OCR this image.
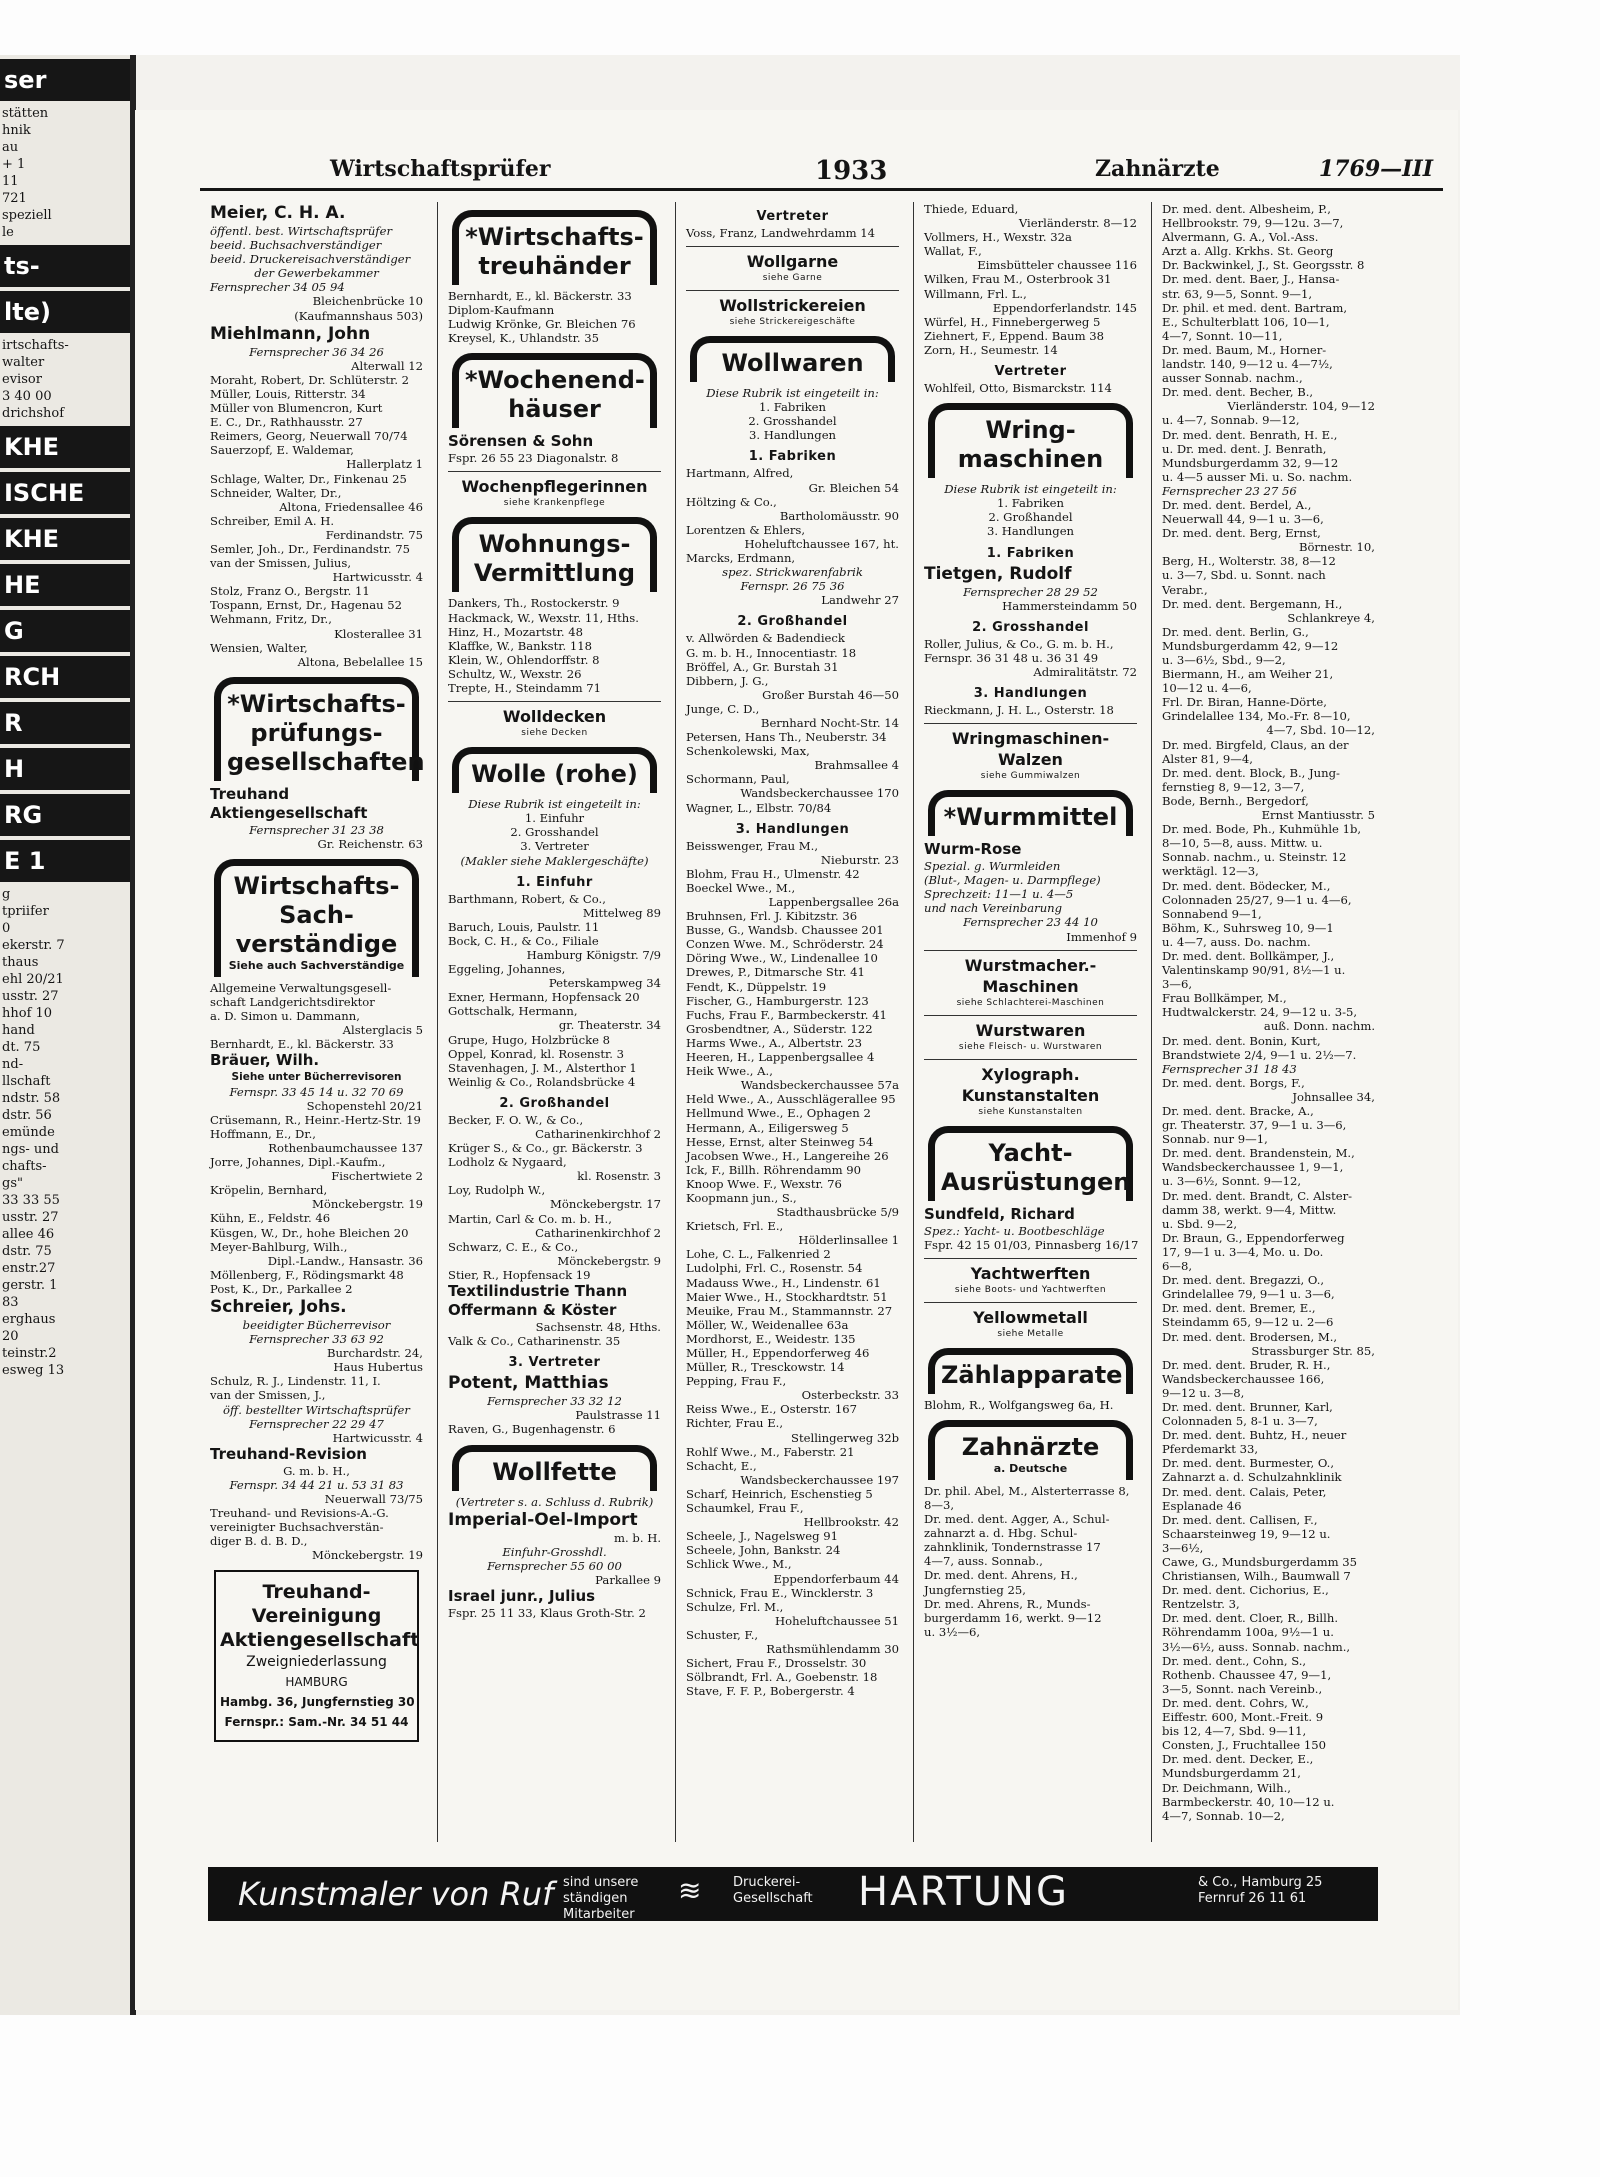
ser
stätten
hnik
au
+ 1
11
721
speziell
le
ts-
lte)
irtschafts-
walter
evisor
3 40 00
drichshof
KHE
ISCHE
KHE
HE
G
RCH
R
H
RG
E 1
g
tpriifer
0
ekerstr. 7
thaus
ehl 20/21
usstr. 27
hhof 10
hand
dt. 75
nd-
llschaft
ndstr. 58
dstr. 56
emünde
ngs- und
chafts-
gs"
33 33 55
usstr. 27
allee 46
dstr. 75
enstr.27
gerstr. 1
83
erghaus
20
teinstr.2
esweg 13
Wirtschaftsprüfer	1933	Zahnärzte	1769—III
Meier, C. H. A.
öffentl. best. Wirtschaftsprüfer
beeid. Buchsachverständiger
beeid. Druckereisachverständiger
der Gewerbekammer
Fernsprecher 34 05 94
Bleichenbrücke 10
(Kaufmannshaus 503)
Miehlmann, John
Fernsprecher 36 34 26
Alterwall 12
Moraht, Robert, Dr. Schlüterstr. 2
Müller, Louis, Ritterstr. 34
Müller von Blumencron, Kurt
E. C., Dr., Rathhausstr. 27
Reimers, Georg, Neuerwall 70/74
Sauerzopf, E. Waldemar,
Hallerplatz 1
Schlage, Walter, Dr., Finkenau 25
Schneider, Walter, Dr.,
Altona, Friedensallee 46
Schreiber, Emil A. H.
Ferdinandstr. 75
Semler, Joh., Dr., Ferdinandstr. 75
van der Smissen, Julius,
Hartwicusstr. 4
Stolz, Franz O., Bergstr. 11
Tospann, Ernst, Dr., Hagenau 52
Wehmann, Fritz, Dr.,
Klosterallee 31
Wensien, Walter,
Altona, Bebelallee 15
*Wirtschafts-prüfungs-gesellschaften
Treuhand
Aktiengesellschaft
Fernsprecher 31 23 38
Gr. Reichenstr. 63
Wirtschafts-Sach-verständige
Siehe auch Sachverständige
Allgemeine Verwaltungsgesell-
schaft Landgerichtsdirektor
a. D. Simon u. Dammann,
Alsterglacis 5
Bernhardt, E., kl. Bäckerstr. 33
Bräuer, Wilh.
Siehe unter Bücherrevisoren
Fernspr. 33 45 14 u. 32 70 69
Schopenstehl 20/21
Crüsemann, R., Heinr.-Hertz-Str. 19
Hoffmann, E., Dr.,
Rothenbaumchaussee 137
Jorre, Johannes, Dipl.-Kaufm.,
Fischertwiete 2
Kröpelin, Bernhard,
Mönckebergstr. 19
Kühn, E., Feldstr. 46
Küsgen, W., Dr., hohe Bleichen 20
Meyer-Bahlburg, Wilh.,
Dipl.-Landw., Hansastr. 36
Möllenberg, F., Rödingsmarkt 48
Post, K., Dr., Parkallee 2
Schreier, Johs.
beeidigter Bücherrevisor
Fernsprecher 33 63 92
Burchardstr. 24,
Haus Hubertus
Schulz, R. J., Lindenstr. 11, I.
van der Smissen, J.,
öff. bestellter Wirtschaftsprüfer
Fernsprecher 22 29 47
Hartwicusstr. 4
Treuhand-Revision
G. m. b. H.,
Fernspr. 34 44 21 u. 53 31 83
Neuerwall 73/75
Treuhand- und Revisions-A.-G.
vereinigter Buchsachverstän-
diger B. d. B. D.,
Mönckebergstr. 19
Treuhand-Vereinigung Aktiengesellschaft
Zweigniederlassung
HAMBURG
Hambg. 36, Jungfernstieg 30
Fernspr.: Sam.-Nr. 34 51 44
*Wirtschafts-treuhänder
Bernhardt, E., kl. Bäckerstr. 33
Diplom-Kaufmann
Ludwig Krönke, Gr. Bleichen 76
Kreysel, K., Uhlandstr. 35
*Wochenend-häuser
Sörensen & Sohn
Fspr. 26 55 23 Diagonalstr. 8
Wochenpflegerinnen
siehe Krankenpflege
Wohnungs-Vermittlung
Dankers, Th., Rostockerstr. 9
Hackmack, W., Wexstr. 11, Hths.
Hinz, H., Mozartstr. 48
Klaffke, W., Bankstr. 118
Klein, W., Ohlendorffstr. 8
Schultz, W., Wexstr. 26
Trepte, H., Steindamm 71
Wolldecken
siehe Decken
Wolle (rohe)
Diese Rubrik ist eingeteilt in:
1. Einfuhr
2. Grosshandel
3. Vertreter
(Makler siehe Maklergeschäfte)
1. Einfuhr
Barthmann, Robert, & Co.,
Mittelweg 89
Baruch, Louis, Paulstr. 11
Bock, C. H., & Co., Filiale
Hamburg Königstr. 7/9
Eggeling, Johannes,
Peterskampweg 34
Exner, Hermann, Hopfensack 20
Gottschalk, Hermann,
gr. Theaterstr. 34
Grupe, Hugo, Holzbrücke 8
Oppel, Konrad, kl. Rosenstr. 3
Stavenhagen, J. M., Alsterthor 1
Weinlig & Co., Rolandsbrücke 4
2. Großhandel
Becker, F. O. W., & Co.,
Catharinenkirchhof 2
Krüger S., & Co., gr. Bäckerstr. 3
Lodholz & Nygaard,
kl. Rosenstr. 3
Loy, Rudolph W.,
Mönckebergstr. 17
Martin, Carl & Co. m. b. H.,
Catharinenkirchhof 2
Schwarz, C. E., & Co.,
Mönckebergstr. 9
Stier, R., Hopfensack 19
Textilindustrie Thann
Offermann & Köster
Sachsenstr. 48, Hths.
Valk & Co., Catharinenstr. 35
3. Vertreter
Potent, Matthias
Fernsprecher 33 32 12
Paulstrasse 11
Raven, G., Bugenhagenstr. 6
Wollfette
(Vertreter s. a. Schluss d. Rubrik)
Imperial-Oel-Import
m. b. H.
Einfuhr-Grosshdl.
Fernsprecher 55 60 00
Parkallee 9
Israel junr., Julius
Fspr. 25 11 33, Klaus Groth-Str. 2
Vertreter
Voss, Franz, Landwehrdamm 14
Wollgarne
siehe Garne
Wollstrickereien
siehe Strickereigeschäfte
Wollwaren
Diese Rubrik ist eingeteilt in:
1. Fabriken
2. Grosshandel
3. Handlungen
1. Fabriken
Hartmann, Alfred,
Gr. Bleichen 54
Höltzing & Co.,
Bartholomäusstr. 90
Lorentzen & Ehlers,
Hoheluftchaussee 167, ht.
Marcks, Erdmann,
spez. Strickwarenfabrik
Fernspr. 26 75 36
Landwehr 27
2. Großhandel
v. Allwörden & Badendieck
G. m. b. H., Innocentiastr. 18
Bröffel, A., Gr. Burstah 31
Dibbern, J. G.,
Großer Burstah 46—50
Junge, C. D.,
Bernhard Nocht-Str. 14
Petersen, Hans Th., Neuberstr. 34
Schenkolewski, Max,
Brahmsallee 4
Schormann, Paul,
Wandsbeckerchaussee 170
Wagner, L., Elbstr. 70/84
3. Handlungen
Beisswenger, Frau M.,
Nieburstr. 23
Blohm, Frau H., Ulmenstr. 42
Boeckel Wwe., M.,
Lappenbergsallee 26a
Bruhnsen, Frl. J. Kibitzstr. 36
Busse, G., Wandsb. Chaussee 201
Conzen Wwe. M., Schröderstr. 24
Döring Wwe., W., Lindenallee 10
Drewes, P., Ditmarsche Str. 41
Fendt, K., Düppelstr. 19
Fischer, G., Hamburgerstr. 123
Fuchs, Frau F., Barmbeckerstr. 41
Grosbendtner, A., Süderstr. 122
Harms Wwe., A., Albertstr. 23
Heeren, H., Lappenbergsallee 4
Heik Wwe., A.,
Wandsbeckerchaussee 57a
Held Wwe., A., Ausschlägerallee 95
Hellmund Wwe., E., Ophagen 2
Hermann, A., Eiligersweg 5
Hesse, Ernst, alter Steinweg 54
Jacobsen Wwe., H., Langereihe 26
Ick, F., Billh. Röhrendamm 90
Knoop Wwe. F., Wexstr. 76
Koopmann jun., S.,
Stadthausbrücke 5/9
Krietsch, Frl. E.,
Hölderlinsallee 1
Lohe, C. L., Falkenried 2
Ludolphi, Frl. C., Rosenstr. 54
Madauss Wwe., H., Lindenstr. 61
Maier Wwe., H., Stockhardtstr. 51
Meuike, Frau M., Stammannstr. 27
Möller, W., Weidenallee 63a
Mordhorst, E., Weidestr. 135
Müller, H., Eppendorferweg 46
Müller, R., Tresckowstr. 14
Pepping, Frau F.,
Osterbeckstr. 33
Reiss Wwe., E., Osterstr. 167
Richter, Frau E.,
Stellingerweg 32b
Rohlf Wwe., M., Faberstr. 21
Schacht, E.,
Wandsbeckerchaussee 197
Scharf, Heinrich, Eschenstieg 5
Schaumkel, Frau F.,
Hellbrookstr. 42
Scheele, J., Nagelsweg 91
Scheele, John, Bankstr. 24
Schlick Wwe., M.,
Eppendorferbaum 44
Schnick, Frau E., Wincklerstr. 3
Schulze, Frl. M.,
Hoheluftchaussee 51
Schuster, F.,
Rathsmühlendamm 30
Sichert, Frau F., Drosselstr. 30
Sölbrandt, Frl. A., Goebenstr. 18
Stave, F. F. P., Bobergerstr. 4
Thiede, Eduard,
Vierländerstr. 8—12
Vollmers, H., Wexstr. 32a
Wallat, F.,
Eimsbütteler chaussee 116
Wilken, Frau M., Osterbrook 31
Willmann, Frl. L.,
Eppendorferlandstr. 145
Würfel, H., Finnebergerweg 5
Ziehnert, F., Eppend. Baum 38
Zorn, H., Seumestr. 14
Vertreter
Wohlfeil, Otto, Bismarckstr. 114
Wring-maschinen
Diese Rubrik ist eingeteilt in:
1. Fabriken
2. Großhandel
3. Handlungen
1. Fabriken
Tietgen, Rudolf
Fernsprecher 28 29 52
Hammersteindamm 50
2. Grosshandel
Roller, Julius, & Co., G. m. b. H.,
Fernspr. 36 31 48 u. 36 31 49
Admiralitätstr. 72
3. Handlungen
Rieckmann, J. H. L., Osterstr. 18
Wringmaschinen-Walzen
siehe Gummiwalzen
*Wurmmittel
Wurm-Rose
Spezial. g. Wurmleiden
(Blut-, Magen- u. Darmpflege)
Sprechzeit: 11—1 u. 4—5
und nach Vereinbarung
Fernsprecher 23 44 10
Immenhof 9
Wurstmacher.- Maschinen
siehe Schlachterei-Maschinen
Wurstwaren
siehe Fleisch- u. Wurstwaren
Xylograph. Kunstanstalten
siehe Kunstanstalten
Yacht-Ausrüstungen
Sundfeld, Richard
Spez.: Yacht- u. Bootbeschläge
Fspr. 42 15 01/03, Pinnasberg 16/17
Yachtwerften
siehe Boots- und Yachtwerften
Yellowmetall
siehe Metalle
Zählapparate
Blohm, R., Wolfgangsweg 6a, H.
Zahnärzte
a. Deutsche
Dr. phil. Abel, M., Alsterterrasse 8,
8—3,
Dr. med. dent. Agger, A., Schul-
zahnarzt a. d. Hbg. Schul-
zahnklinik, Tondernstrasse 17
4—7, auss. Sonnab.,
Dr. med. dent. Ahrens, H.,
Jungfernstieg 25,
Dr. med. Ahrens, R., Munds-
burgerdamm 16, werkt. 9—12
u. 3½—6,
Dr. med. dent. Albesheim, P.,
Hellbrookstr. 79, 9—12u. 3—7,
Alvermann, G. A., Vol.-Ass.
Arzt a. Allg. Krkhs. St. Georg
Dr. Backwinkel, J., St. Georgsstr. 8
Dr. med. dent. Baer, J., Hansa-
str. 63, 9—5, Sonnt. 9—1,
Dr. phil. et med. dent. Bartram,
E., Schulterblatt 106, 10—1,
4—7, Sonnt. 10—11,
Dr. med. Baum, M., Horner-
landstr. 140, 9—12 u. 4—7½,
ausser Sonnab. nachm.,
Dr. med. dent. Becher, B.,
Vierländerstr. 104, 9—12
u. 4—7, Sonnab. 9—12,
Dr. med. dent. Benrath, H. E.,
u. Dr. med. dent. J. Benrath,
Mundsburgerdamm 32, 9—12
u. 4—5 ausser Mi. u. So. nachm.
Fernsprecher 23 27 56
Dr. med. dent. Berdel, A.,
Neuerwall 44, 9—1 u. 3—6,
Dr. med. dent. Berg, Ernst,
Börnestr. 10,
Berg, H., Wolterstr. 38, 8—12
u. 3—7, Sbd. u. Sonnt. nach
Verabr.,
Dr. med. dent. Bergemann, H.,
Schlankreye 4,
Dr. med. dent. Berlin, G.,
Mundsburgerdamm 42, 9—12
u. 3—6½, Sbd., 9—2,
Biermann, H., am Weiher 21,
10—12 u. 4—6,
Frl. Dr. Biran, Hanne-Dörte,
Grindelallee 134, Mo.-Fr. 8—10,
4—7, Sbd. 10—12,
Dr. med. Birgfeld, Claus, an der
Alster 81, 9—4,
Dr. med. dent. Block, B., Jung-
fernstieg 8, 9—12, 3—7,
Bode, Bernh., Bergedorf,
Ernst Mantiusstr. 5
Dr. med. Bode, Ph., Kuhmühle 1b,
8—10, 5—8, auss. Mittw. u.
Sonnab. nachm., u. Steinstr. 12
werktägl. 12—3,
Dr. med. dent. Bödecker, M.,
Colonnaden 25/27, 9—1 u. 4—6,
Sonnabend 9—1,
Böhm, K., Suhrsweg 10, 9—1
u. 4—7, auss. Do. nachm.
Dr. med. dent. Bollkämper, J.,
Valentinskamp 90/91, 8½—1 u.
3—6,
Frau Bollkämper, M.,
Hudtwalckerstr. 24, 9—12 u. 3-5,
auß. Donn. nachm.
Dr. med. dent. Bonin, Kurt,
Brandstwiete 2/4, 9—1 u. 2½—7.
Fernsprecher 31 18 43
Dr. med. dent. Borgs, F.,
Johnsallee 34,
Dr. med. dent. Bracke, A.,
gr. Theaterstr. 37, 9—1 u. 3—6,
Sonnab. nur 9—1,
Dr. med. dent. Brandenstein, M.,
Wandsbeckerchaussee 1, 9—1,
u. 3—6½, Sonnt. 9—12,
Dr. med. dent. Brandt, C. Alster-
damm 38, werkt. 9—4, Mittw.
u. Sbd. 9—2,
Dr. Braun, G., Eppendorferweg
17, 9—1 u. 3—4, Mo. u. Do.
6—8,
Dr. med. dent. Bregazzi, O.,
Grindelallee 79, 9—1 u. 3—6,
Dr. med. dent. Bremer, E.,
Steindamm 65, 9—12 u. 2—6
Dr. med. dent. Brodersen, M.,
Strassburger Str. 85,
Dr. med. dent. Bruder, R. H.,
Wandsbeckerchaussee 166,
9—12 u. 3—8,
Dr. med. dent. Brunner, Karl,
Colonnaden 5, 8-1 u. 3—7,
Dr. med. dent. Buhtz, H., neuer
Pferdemarkt 33,
Dr. med. dent. Burmester, O.,
Zahnarzt a. d. Schulzahnklinik
Dr. med. dent. Calais, Peter,
Esplanade 46
Dr. med. dent. Callisen, F.,
Schaarsteinweg 19, 9—12 u.
3—6½,
Cawe, G., Mundsburgerdamm 35
Christiansen, Wilh., Baumwall 7
Dr. med. dent. Cichorius, E.,
Rentzelstr. 3,
Dr. med. dent. Cloer, R., Billh.
Röhrendamm 100a, 9½—1 u.
3½—6½, auss. Sonnab. nachm.,
Dr. med. dent., Cohn, S.,
Rothenb. Chaussee 47, 9—1,
3—5, Sonnt. nach Vereinb.,
Dr. med. dent. Cohrs, W.,
Eiffestr. 600, Mont.-Freit. 9
bis 12, 4—7, Sbd. 9—11,
Consten, J., Fruchtallee 150
Dr. med. dent. Decker, E.,
Mundsburgerdamm 21,
Dr. Deichmann, Wilh.,
Barmbeckerstr. 40, 10—12 u.
4—7, Sonnab. 10—2,
Kunstmaler von Ruf sind unsere ständigen Mitarbeiter
≋ Druckerei-Gesellschaft	HARTUNG	& Co., Hamburg 25 Fernruf 26 11 61
